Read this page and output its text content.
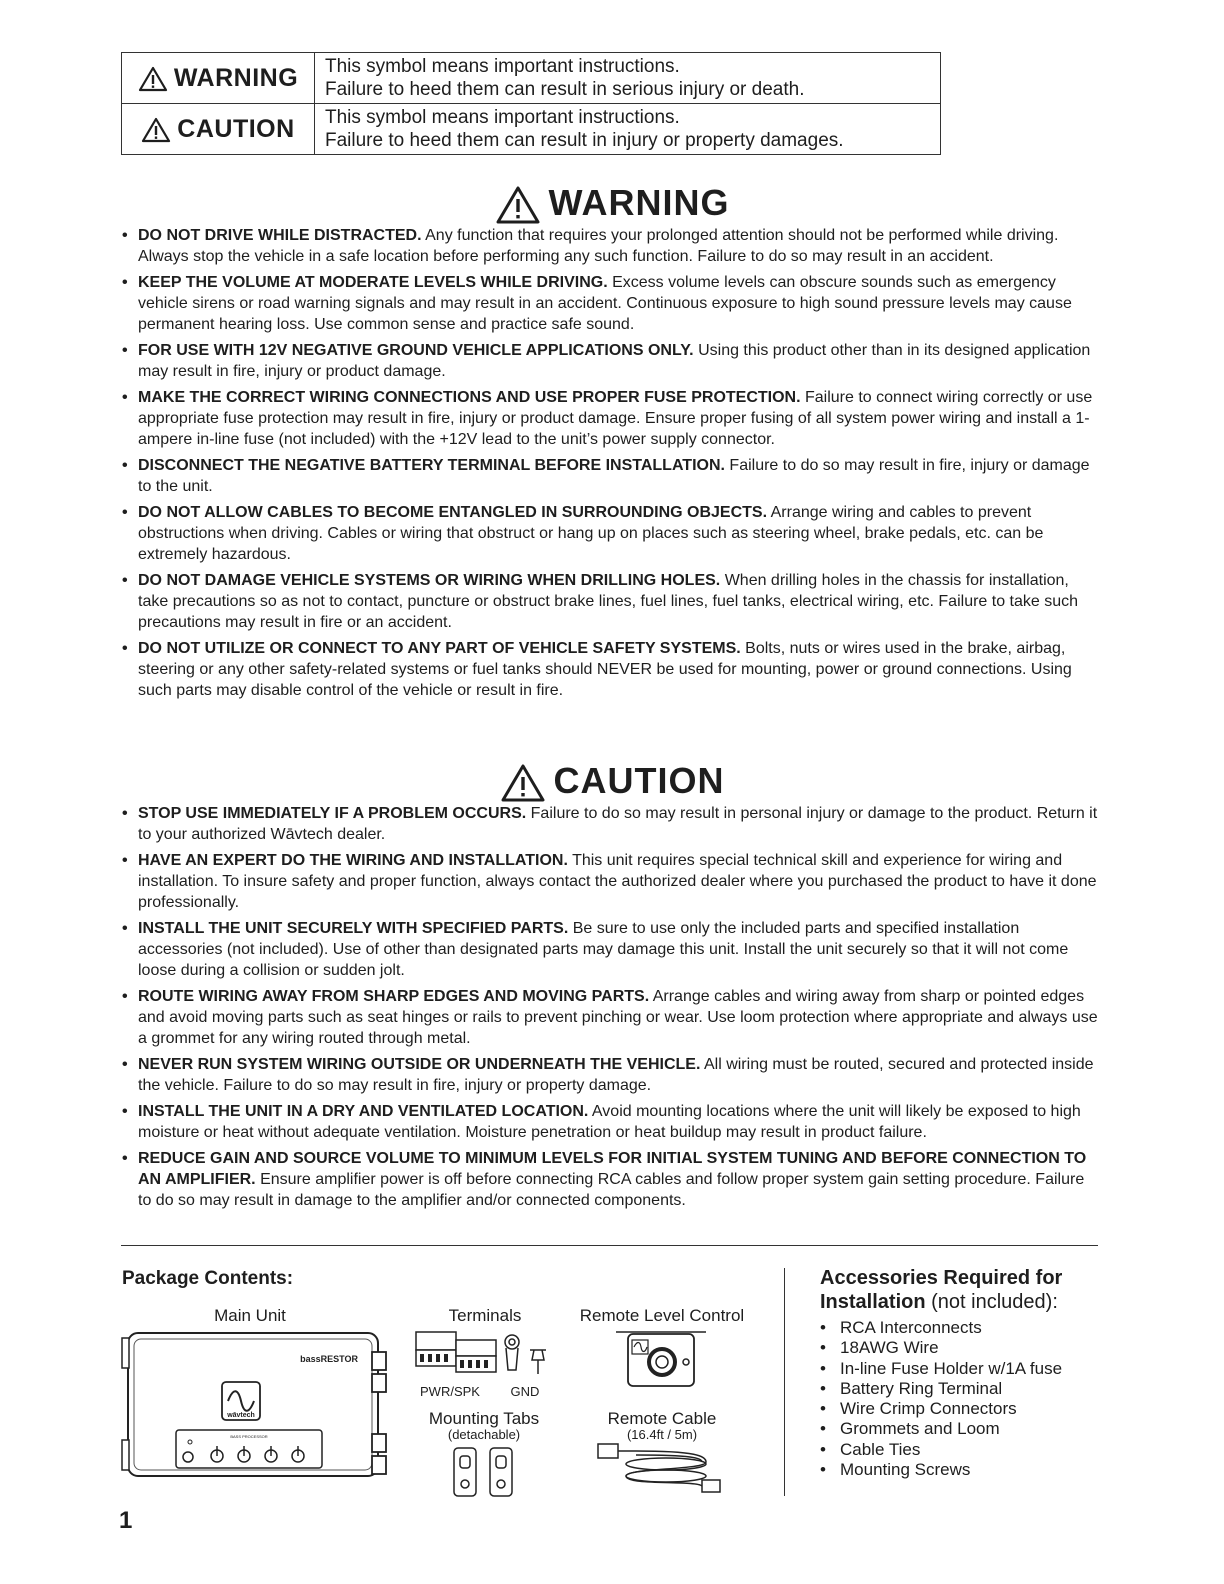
WARNING	This symbol means important instructions.
Failure to heed them can result in serious injury or death.

CAUTION	This symbol means important instructions.
Failure to heed them can result in injury or property damages.
WARNING
• DO NOT DRIVE WHILE DISTRACTED. Any function that requires your prolonged attention should not be performed while driving. Always stop the vehicle in a safe location before performing any such function. Failure to do so may result in an accident.
• KEEP THE VOLUME AT MODERATE LEVELS WHILE DRIVING. Excess volume levels can obscure sounds such as emergency vehicle sirens or road warning signals and may result in an accident. Continuous exposure to high sound pressure levels may cause permanent hearing loss. Use common sense and practice safe sound.
• FOR USE WITH 12V NEGATIVE GROUND VEHICLE APPLICATIONS ONLY. Using this product other than in its designed application may result in fire, injury or product damage.
• MAKE THE CORRECT WIRING CONNECTIONS AND USE PROPER FUSE PROTECTION. Failure to connect wiring correctly or use appropriate fuse protection may result in fire, injury or product damage. Ensure proper fusing of all system power wiring and install a 1-ampere in-line fuse (not included) with the +12V lead to the unit’s power supply connector.
• DISCONNECT THE NEGATIVE BATTERY TERMINAL BEFORE INSTALLATION. Failure to do so may result in fire, injury or damage to the unit.
• DO NOT ALLOW CABLES TO BECOME ENTANGLED IN SURROUNDING OBJECTS. Arrange wiring and cables to prevent obstructions when driving. Cables or wiring that obstruct or hang up on places such as steering wheel, brake pedals, etc. can be extremely hazardous.
• DO NOT DAMAGE VEHICLE SYSTEMS OR WIRING WHEN DRILLING HOLES. When drilling holes in the chassis for installation, take precautions so as not to contact, puncture or obstruct brake lines, fuel lines, fuel tanks, electrical wiring, etc. Failure to take such precautions may result in fire or an accident.
• DO NOT UTILIZE OR CONNECT TO ANY PART OF VEHICLE SAFETY SYSTEMS. Bolts, nuts or wires used in the brake, airbag, steering or any other safety-related systems or fuel tanks should NEVER be used for mounting, power or ground connections. Using such parts may disable control of the vehicle or result in fire.
CAUTION
• STOP USE IMMEDIATELY IF A PROBLEM OCCURS. Failure to do so may result in personal injury or damage to the product. Return it to your authorized Wāvtech dealer.
• HAVE AN EXPERT DO THE WIRING AND INSTALLATION. This unit requires special technical skill and experience for wiring and installation. To insure safety and proper function, always contact the authorized dealer where you purchased the product to have it done professionally.
• INSTALL THE UNIT SECURELY WITH SPECIFIED PARTS. Be sure to use only the included parts and specified installation accessories (not included). Use of other than designated parts may damage this unit. Install the unit securely so that it will not come loose during a collision or sudden jolt.
• ROUTE WIRING AWAY FROM SHARP EDGES AND MOVING PARTS. Arrange cables and wiring away from sharp or pointed edges and avoid moving parts such as seat hinges or rails to prevent pinching or wear. Use loom protection where appropriate and always use a grommet for any wiring routed through metal.
• NEVER RUN SYSTEM WIRING OUTSIDE OR UNDERNEATH THE VEHICLE. All wiring must be routed, secured and protected inside the vehicle. Failure to do so may result in fire, injury or property damage.
• INSTALL THE UNIT IN A DRY AND VENTILATED LOCATION. Avoid mounting locations where the unit will likely be exposed to high moisture or heat without adequate ventilation. Moisture penetration or heat buildup may result in product failure.
• REDUCE GAIN AND SOURCE VOLUME TO MINIMUM LEVELS FOR INITIAL SYSTEM TUNING AND BEFORE CONNECTION TO AN AMPLIFIER. Ensure amplifier power is off before connecting RCA cables and follow proper system gain setting procedure. Failure to do so may result in damage to the amplifier and/or connected components.
Package Contents:
Main Unit
bassRESTOR
wāvtech
BASS PROCESSOR
Terminals
PWR/SPK	GND
Mounting Tabs
(detachable)
Remote Level Control
Remote Cable
(16.4ft / 5m)
Accessories Required for Installation (not included):
• RCA Interconnects
• 18AWG Wire
• In-line Fuse Holder w/1A fuse
• Battery Ring Terminal
• Wire Crimp Connectors
• Grommets and Loom
• Cable Ties
• Mounting Screws
1
